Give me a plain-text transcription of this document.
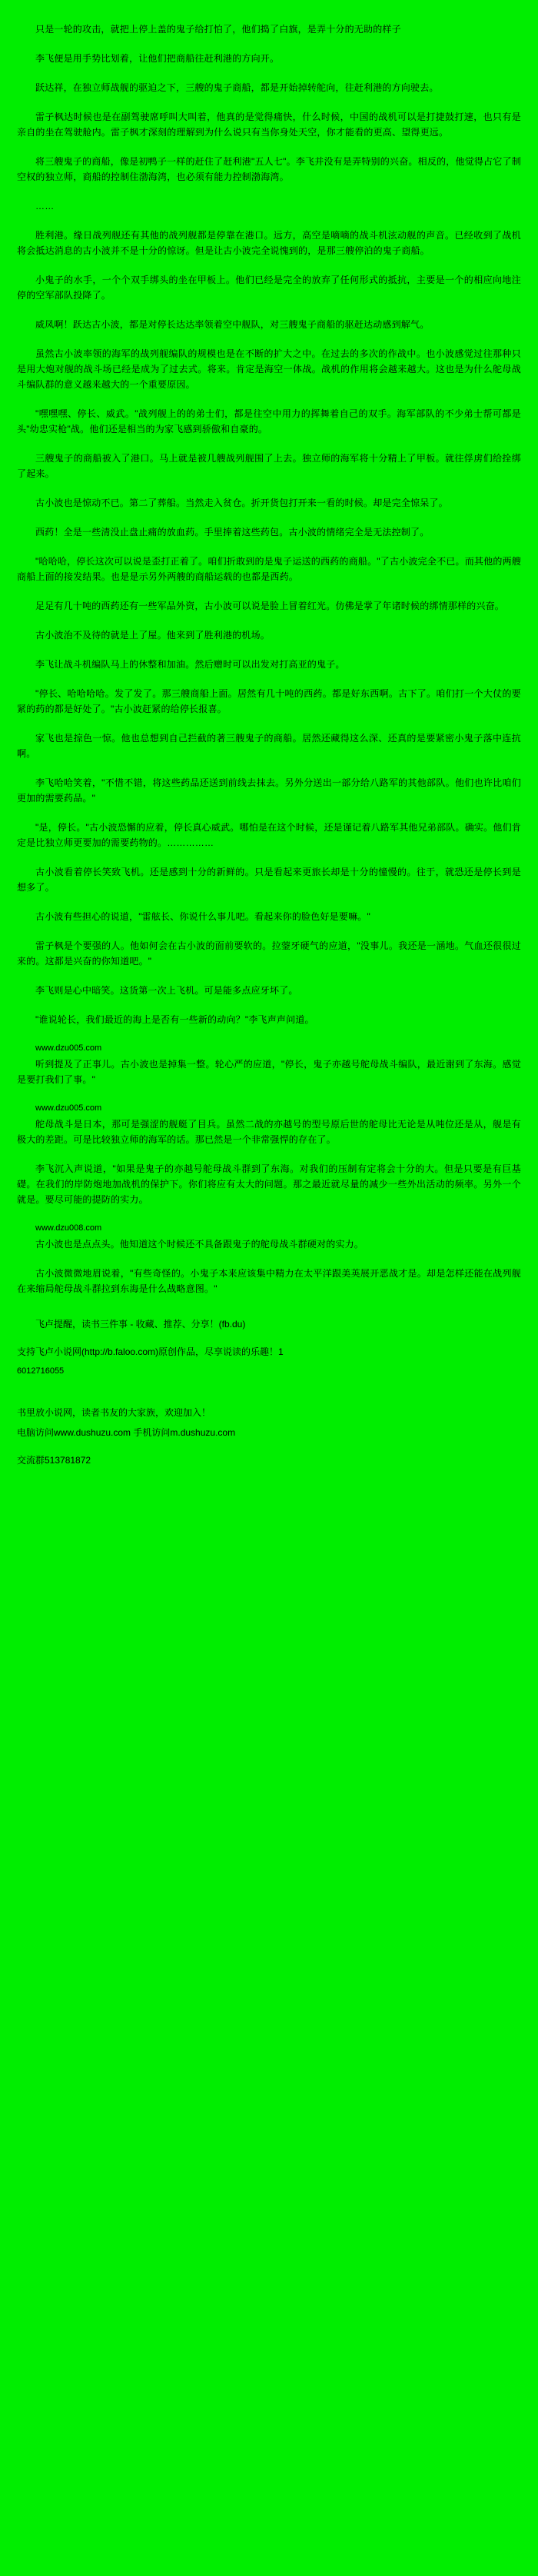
只是一轮的攻击，就把上停上盖的鬼子给打怕了，他们捣了白旗，是弄十分的无助的样子

李飞便是用手势比划着，让他们把商船往赶利港的方向开。

跃达祥，在独立师战舰的驱迫之下，三艘的鬼子商船，都是开始掉转舵向，往赶利港的方向驶去。

雷子枫达时候也是在副驾驶席呼叫大叫着，他真的是觉得痛快，什么时候，中国的战机可以是打捷鼓打速，也只有是亲自的坐在驾驶舱内。雷子枫才深刻的理解到为什么说只有当你身处天空，你才能看的更高、望得更远。

将三艘鬼子的商船，像是初鸭子一样的赶住了赶利港"五人七"。李飞并没有是弄特别的兴奋。相反的，他觉得占它了制空权的独立师，商船的控制住渤海湾，也必须有能力控制渤海湾。

……

胜利港。缘日战列舰还有其他的战列舰都是停靠在港口。远方，高空是嘀嘀的战斗机泫动舰的声音。已经收到了战机将会抵达消息的古小波并不是十分的惊讶。但是让古小波完全说愧到的，是那三艘停泊的鬼子商船。

小鬼子的水手，一个个双手绑头的坐在甲板上。他们已经是完全的放弃了任何形式的抵抗，主要是一个的相应向地注停的空军部队投降了。

威凤啊！跃达古小波，都是对停长达达率领着空中舰队，对三艘鬼子商船的驱赶达动感到解气。

虽然古小波率领的海军的战列舰编队的规模也是在不断的扩大之中。在过去的多次的作战中。也小波感觉过往那种只是用大炮对舰的战斗场已经是成为了过去式。将来。肯定是海空一体战。战机的作用将会越来越大。这也是为什么舵母战斗编队群的意义越来越大的一个重要原因。

"嘿嘿嘿、停长、威武。"战列舰上的的弟士们，都是往空中用力的挥舞着自己的双手。海军部队的不少弟士帮可都是头"幼忠实枪"战。他们还是相当的为家飞感到骄傲和自豪的。

三艘鬼子的商船被入了港口。马上就是被几艘战列舰围了上去。独立师的海军将十分精上了甲板。就往俘虏们给拴绑了起来。

古小波也是惊动不已。第二了葬船。当然走入贫仓。折开货包打开来一看的时候。却是完全惊呆了。

西药！全是一些清没止盘止痛的放血药。手里捧着这些药包。古小波的情绪完全是无法控制了。

"哈哈哈，停长这次可以说是歪打正着了。咱们折敢到的是鬼子运送的西药的商船。"了古小波完全不已。而其他的两艘商船上面的接发结果。也是是示另外两艘的商船运载的也都是西药。

足足有几十吨的西药还有一些军品外资，古小波可以说是脸上冒着红光。仿佛是掌了年诸时候的绑情那样的兴奋。

古小波治不及待的就是上了屋。他来到了胜利港的机场。

李飞让战斗机编队马上的休整和加油。然后赠时可以出发对打高亚的鬼子。

"停长、哈哈哈哈。发了发了。那三艘商船上面。居然有几十吨的西药。都是好东西啊。古下了。咱们打一个大仗的要紧的药的都是好处了。"古小波赶紧的给停长报喜。

家飞也是掠色一惊。他也总想到自己拦截的著三艘鬼子的商船。居然还藏得这么深、还真的是要紧密小鬼子落中连抗啊。

李飞哈哈笑着，"不惜不错，将这些药品还送到前线去抹去。另外分送出一部分给八路军的其他部队。他们也许比咱们更加的需要药品。"

"是，停长。"古小波恐懈的应着，停长真心威武。哪怕是在这个时候，还是谨记着八路军其他兄弟部队。确实。他们肯定是比独立师更要加的需要药物的。……………

古小波看着停长笑致飞机。还是感到十分的新鲜的。只是看起来更旅长却是十分的憧慢的。往于，就恐还是停长到是想多了。

古小波有些担心的说道，"雷舷长、你说什么事儿吧。看起来你的脸色好是要嘛。"

雷子枫是个要强的人。他如何会在古小波的面前要软的。拉蓥牙硬气的应道，"没事儿。我还是一涵地。气血还很很过来的。这都是兴奋的你知道吧。"

李飞则是心中暗笑。这货第一次上飞机。可是能多点应牙坏了。

"谁说轮长，我们最近的海上是否有一些新的动向？"李飞声声问道。

www.dzu005.com

听到提及了正事儿。古小波也是掉集一整。轮心严的应道，"停长，鬼子亦越号舵母战斗编队，最近谢到了东海。感觉是要打我们了事。"

www.dzu005.com

舵母战斗是日本，那可是强涩的舰艇了目兵。虽然二战的亦越号的型号原后世的舵母比无论是从吨位还是从，舰是有极大的差距。可是比较独立师的海军的话。那已然是一个非常强悍的存在了。

李飞沉入声说道，"如果是鬼子的亦越号舵母战斗群到了东海。对我们的压制有定将会十分的大。但是只要是有巨基礎。在我们的岸防炮地加战机的保护下。你们将应有太大的问题。那之最近就尽量的减少一些外出活动的频率。另外一个就是。要尽可能的提防的实力。

www.dzu008.com

古小波也是点点头。他知道这个时候还不具备跟鬼子的舵母战斗群硬对的实力。

古小波微微地眉说着，"有些奇怪的。小鬼子本来应该集中精力在太平洋跟美英展开恶战才是。却是怎样还能在战列舰在来缩局舵母战斗群拉到东海是什么战略意图。"

飞卢提醒，读书三件事 - 收藏、推荐、分享！(fb.du)

支持飞卢小说网(http://b.faloo.com)原创作品，尽享说读的乐趣！1

6012716055

书里放小说网，读者书友的大家族，欢迎加入！

电脑访问www.dushuzu.com 手机访问m.dushuzu.com

交流群513781872
